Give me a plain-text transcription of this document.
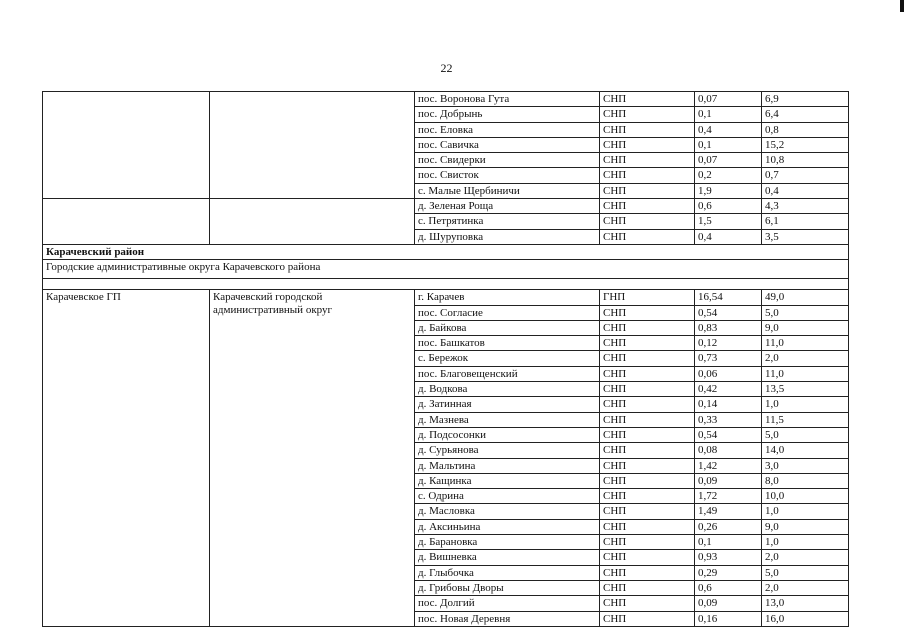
22
		пос. Воронова Гута	СНП	0,07	6,9
		пос. Добрынь	СНП	0,1	6,4
		пос. Еловка	СНП	0,4	0,8
		пос. Савичка	СНП	0,1	15,2
		пос. Свидерки	СНП	0,07	10,8
		пос. Свисток	СНП	0,2	0,7
		с. Малые Щербиничи	СНП	1,9	0,4
		д. Зеленая Роща	СНП	0,6	4,3
		с. Петрятинка	СНП	1,5	6,1
		д. Шуруповка	СНП	0,4	3,5
Карачевский район					
Городские административные округа Карачевского района					

Карачевское ГП	Карачевский городской административный округ	г. Карачев	ГНП	16,54	49,0
		пос. Согласие	СНП	0,54	5,0
		д. Байкова	СНП	0,83	9,0
		пос. Башкатов	СНП	0,12	11,0
		с. Бережок	СНП	0,73	2,0
		пос. Благовещенский	СНП	0,06	11,0
		д. Водкова	СНП	0,42	13,5
		д. Затинная	СНП	0,14	1,0
		д. Мазнева	СНП	0,33	11,5
		д. Подсосонки	СНП	0,54	5,0
		д. Сурьянова	СНП	0,08	14,0
		д. Мальтина	СНП	1,42	3,0
		д. Кащинка	СНП	0,09	8,0
		с. Одрина	СНП	1,72	10,0
		д. Масловка	СНП	1,49	1,0
		д. Аксиньина	СНП	0,26	9,0
		д. Барановка	СНП	0,1	1,0
		д. Вишневка	СНП	0,93	2,0
		д. Глыбочка	СНП	0,29	5,0
		д. Грибовы Дворы	СНП	0,6	2,0
		пос. Долгий	СНП	0,09	13,0
		пос. Новая Деревня	СНП	0,16	16,0
